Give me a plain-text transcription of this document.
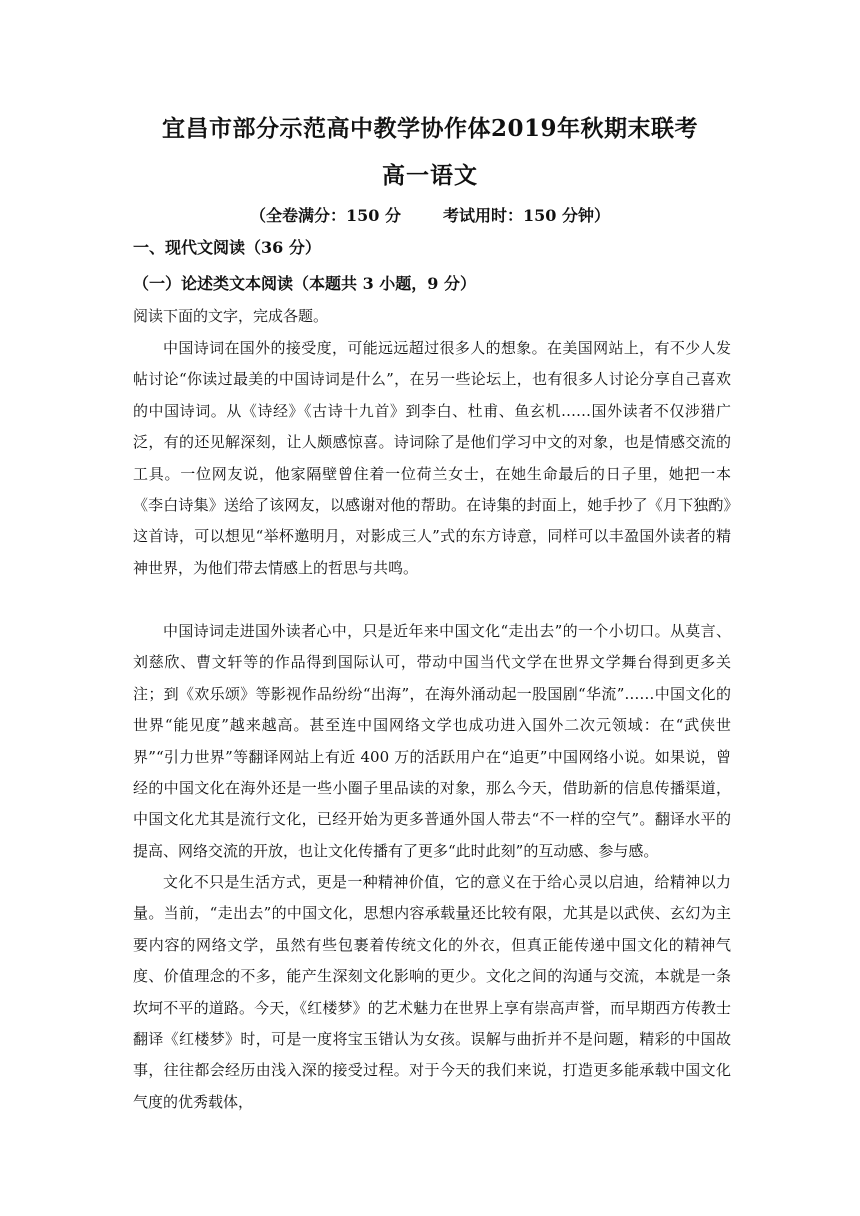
宜昌市部分示范高中教学协作体2019年秋期末联考
高一语文
（全卷满分：150 分	考试用时：150 分钟）
一、现代文阅读（36 分）
（一）论述类文本阅读（本题共 3 小题，9 分）
阅读下面的文字，完成各题。
中国诗词在国外的接受度，可能远远超过很多人的想象。在美国网站上，有不少人发帖讨论“你读过最美的中国诗词是什么”，在另一些论坛上，也有很多人讨论分享自己喜欢的中国诗词。从《诗经》《古诗十九首》到李白、杜甫、鱼玄机……国外读者不仅涉猎广泛，有的还见解深刻，让人颇感惊喜。诗词除了是他们学习中文的对象，也是情感交流的工具。一位网友说，他家隔壁曾住着一位荷兰女士，在她生命最后的日子里，她把一本《李白诗集》送给了该网友，以感谢对他的帮助。在诗集的封面上，她手抄了《月下独酌》这首诗，可以想见“举杯邀明月，对影成三人”式的东方诗意，同样可以丰盈国外读者的精神世界，为他们带去情感上的哲思与共鸣。
中国诗词走进国外读者心中，只是近年来中国文化“走出去”的一个小切口。从莫言、刘慈欣、曹文轩等的作品得到国际认可，带动中国当代文学在世界文学舞台得到更多关注；到《欢乐颂》等影视作品纷纷“出海”，在海外涌动起一股国剧“华流”……中国文化的世界“能见度”越来越高。甚至连中国网络文学也成功进入国外二次元领域：在“武侠世界”“引力世界”等翻译网站上有近 400 万的活跃用户在“追更”中国网络小说。如果说，曾经的中国文化在海外还是一些小圈子里品读的对象，那么今天，借助新的信息传播渠道，中国文化尤其是流行文化，已经开始为更多普通外国人带去“不一样的空气”。翻译水平的提高、网络交流的开放，也让文化传播有了更多“此时此刻”的互动感、参与感。
文化不只是生活方式，更是一种精神价值，它的意义在于给心灵以启迪，给精神以力量。当前，“走出去”的中国文化，思想内容承载量还比较有限，尤其是以武侠、玄幻为主要内容的网络文学，虽然有些包裹着传统文化的外衣，但真正能传递中国文化的精神气度、价值理念的不多，能产生深刻文化影响的更少。文化之间的沟通与交流，本就是一条坎坷不平的道路。今天，《红楼梦》的艺术魅力在世界上享有崇高声誉，而早期西方传教士翻译《红楼梦》时，可是一度将宝玉错认为女孩。误解与曲折并不是问题，精彩的中国故事，往往都会经历由浅入深的接受过程。对于今天的我们来说，打造更多能承载中国文化气度的优秀载体，
